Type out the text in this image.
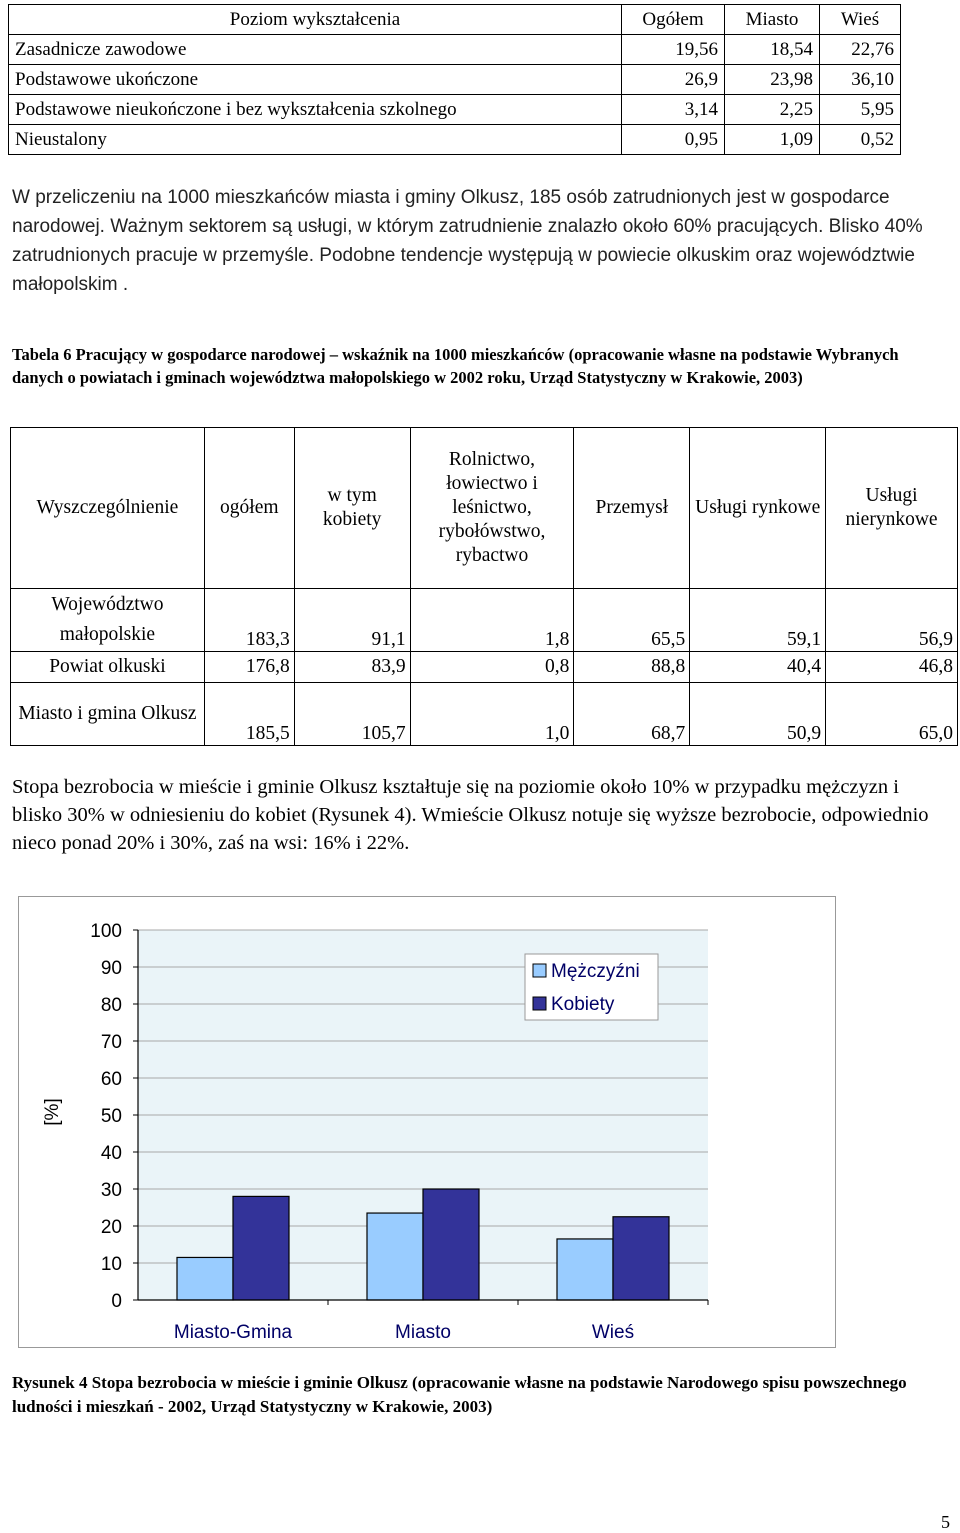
Poziom wykształcenia	Ogółem	Miasto	Wieś
Zasadnicze zawodowe	19,56	18,54	22,76
Podstawowe ukończone	26,9	23,98	36,10
Podstawowe nieukończone i bez wykształcenia szkolnego	3,14	2,25	5,95
Nieustalony	0,95	1,09	0,52
W przeliczeniu na 1000 mieszkańców miasta i gminy Olkusz, 185 osób zatrudnionych jest w gospodarce narodowej. Ważnym sektorem są usługi, w którym zatrudnienie znalazło około 60% pracujących. Blisko 40% zatrudnionych pracuje w przemyśle. Podobne tendencje występują w powiecie olkuskim oraz województwie małopolskim .
Tabela 6 Pracujący w gospodarce narodowej – wskaźnik na 1000 mieszkańców (opracowanie własne na podstawie Wybranych danych o powiatach i gminach województwa małopolskiego w 2002 roku, Urząd Statystyczny w Krakowie, 2003)
Wyszczególnienie	ogółem	w tym kobiety	Rolnictwo, łowiectwo i leśnictwo, rybołówstwo, rybactwo	Przemysł	Usługi rynkowe	Usługi nierynkowe
Województwo małopolskie	183,3	91,1	1,8	65,5	59,1	56,9
Powiat olkuski	176,8	83,9	0,8	88,8	40,4	46,8
Miasto i gmina Olkusz	185,5	105,7	1,0	68,7	50,9	65,0
Stopa bezrobocia w mieście i gminie Olkusz kształtuje się na poziomie około 10% w przypadku mężczyzn i blisko 30% w odniesieniu do kobiet (Rysunek 4). Wmieście Olkusz notuje się wyższe bezrobocie, odpowiednio nieco ponad 20% i 30%, zaś na wsi: 16% i 22%.
0
10
20
30
40
50
60
70
80
90
100
Miasto-Gmina	Miasto	Wieś
[%]
Mężczyźni
Kobiety
Rysunek 4 Stopa bezrobocia w mieście i gminie Olkusz (opracowanie własne na podstawie Narodowego spisu powszechnego ludności i mieszkań - 2002, Urząd Statystyczny w Krakowie, 2003)
5
